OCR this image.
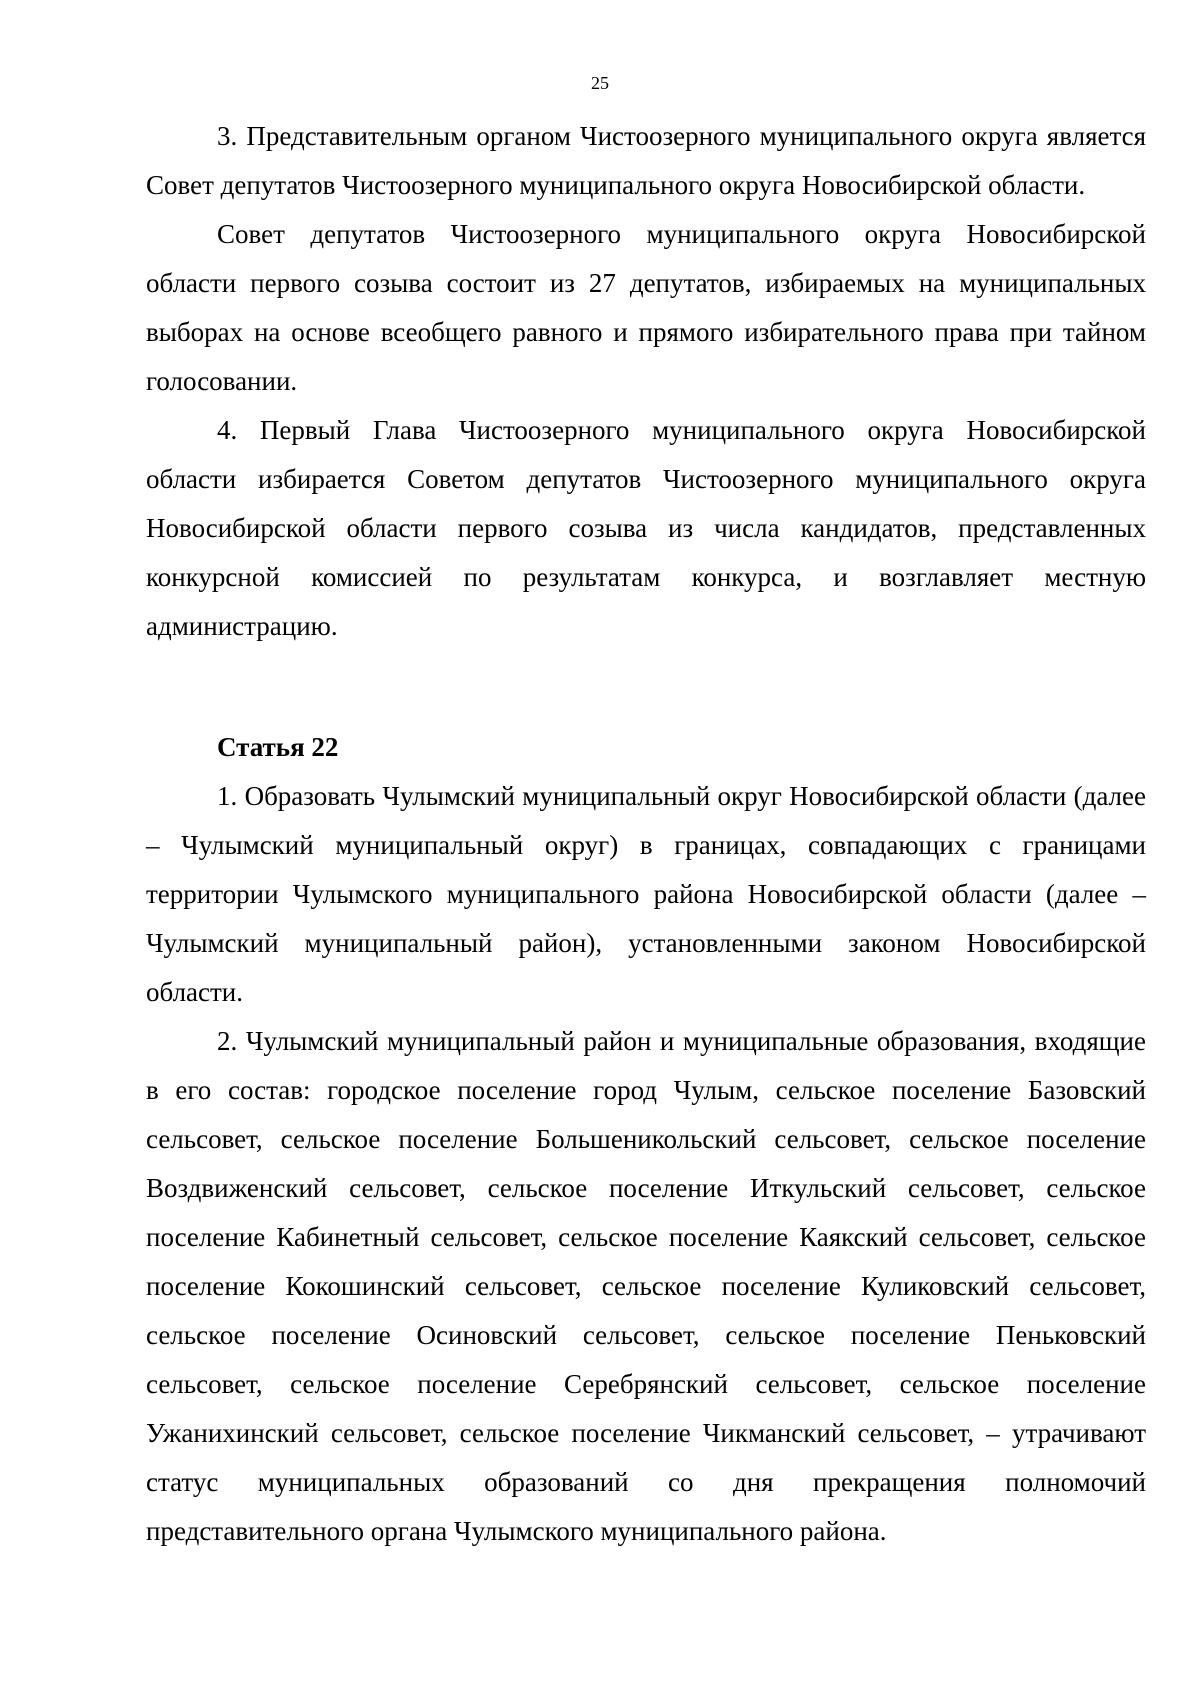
25

3. Представительным органом Чистоозерного муниципального округа является Совет депутатов Чистоозерного муниципального округа Новосибирской области.

Совет депутатов Чистоозерного муниципального округа Новосибирской области первого созыва состоит из 27 депутатов, избираемых на муниципальных выборах на основе всеобщего равного и прямого избирательного права при тайном голосовании.

4. Первый Глава Чистоозерного муниципального округа Новосибирской области избирается Советом депутатов Чистоозерного муниципального округа Новосибирской области первого созыва из числа кандидатов, представленных конкурсной комиссией по результатам конкурса, и возглавляет местную администрацию.

Статья 22

1. Образовать Чулымский муниципальный округ Новосибирской области (далее – Чулымский муниципальный округ) в границах, совпадающих с границами территории Чулымского муниципального района Новосибирской области (далее – Чулымский муниципальный район), установленными законом Новосибирской области.

2. Чулымский муниципальный район и муниципальные образования, входящие в его состав: городское поселение город Чулым, сельское поселение Базовский сельсовет, сельское поселение Большеникольский сельсовет, сельское поселение Воздвиженский сельсовет, сельское поселение Иткульский сельсовет, сельское поселение Кабинетный сельсовет, сельское поселение Каякский сельсовет, сельское поселение Кокошинский сельсовет, сельское поселение Куликовский сельсовет, сельское поселение Осиновский сельсовет, сельское поселение Пеньковский сельсовет, сельское поселение Серебрянский сельсовет, сельское поселение Ужанихинский сельсовет, сельское поселение Чикманский сельсовет, – утрачивают статус муниципальных образований со дня прекращения полномочий представительного органа Чулымского муниципального района.
